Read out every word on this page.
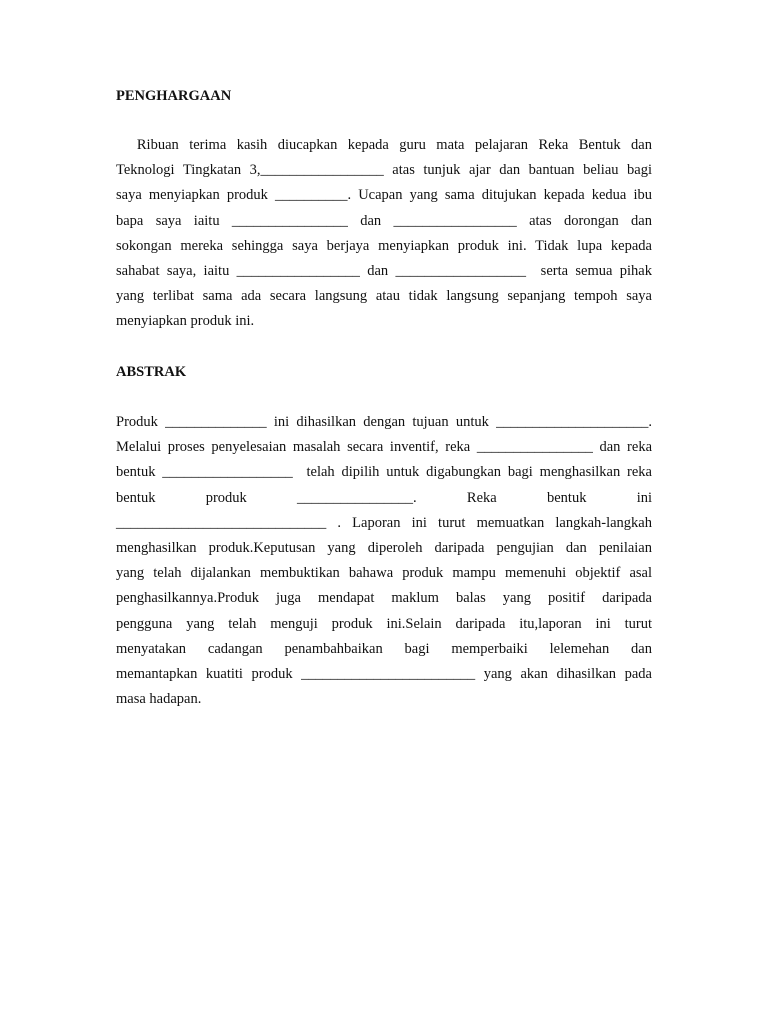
PENGHARGAAN
Ribuan terima kasih diucapkan kepada guru mata pelajaran Reka Bentuk dan
Teknologi Tingkatan 3,_________________ atas tunjuk ajar dan bantuan beliau bagi
saya menyiapkan produk __________. Ucapan yang sama ditujukan kepada kedua ibu
bapa saya iaitu ________________ dan _________________ atas dorongan dan
sokongan mereka sehingga saya berjaya menyiapkan produk ini. Tidak lupa kepada
sahabat saya, iaitu _________________ dan __________________  serta semua pihak
yang terlibat sama ada secara langsung atau tidak langsung sepanjang tempoh saya
menyiapkan produk ini.
ABSTRAK
Produk ______________ ini dihasilkan dengan tujuan untuk _____________________.
Melalui proses penyelesaian masalah secara inventif, reka ________________ dan reka
bentuk __________________  telah dipilih untuk digabungkan bagi menghasilkan reka
bentuk produk ________________. Reka bentuk ini
_____________________________ . Laporan ini turut memuatkan langkah-langkah
menghasilkan produk.Keputusan yang diperoleh daripada pengujian dan penilaian
yang telah dijalankan membuktikan bahawa produk mampu memenuhi objektif asal
penghasilkannya.Produk juga mendapat maklum balas yang positif daripada
pengguna yang telah menguji produk ini.Selain daripada itu,laporan ini turut
menyatakan cadangan penambahbaikan bagi memperbaiki lelemehan dan
memantapkan kuatiti produk ________________________ yang akan dihasilkan pada
masa hadapan.
